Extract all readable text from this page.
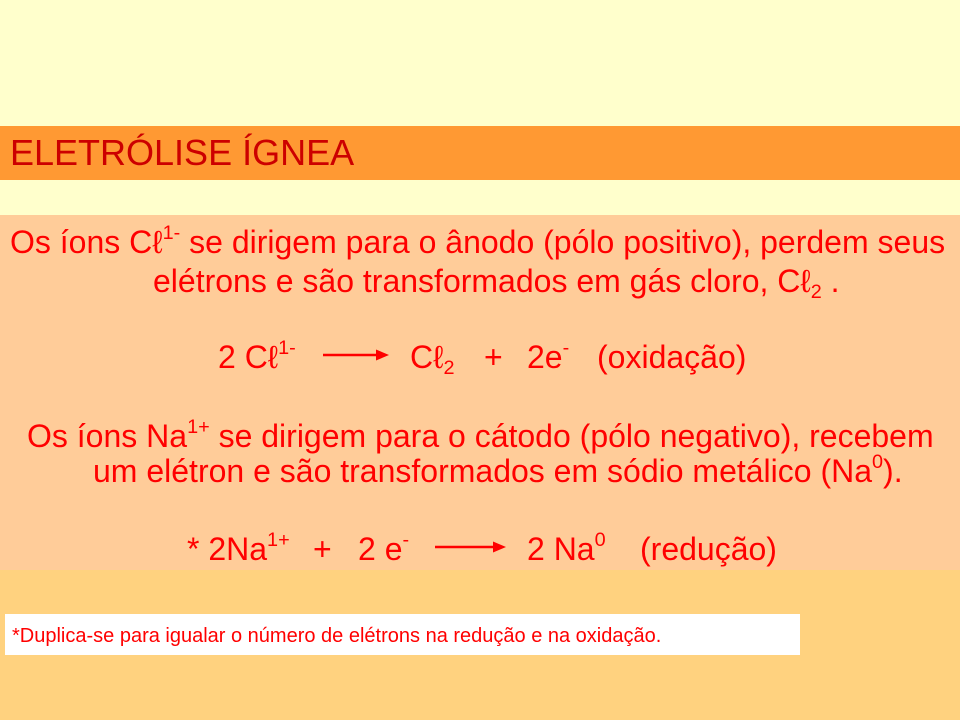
ELETRÓLISE ÍGNEA
Os íons Cℓ$^{1-}$ se dirigem para o ânodo (pólo positivo), perdem seus
elétrons e são transformados em gás cloro, Cℓ$_2$ .
2 Cℓ$^{1-}$	Cℓ$_2$ + 2e- (oxidação)
Os íons $Na^{1+}$ se dirigem para o cátodo (pólo negativo), recebem
um elétron e são transformados em sódio metálico (Na$^0$).
* $2Na^{1+} + 2$ e-	2 Na$^0$ (redução)
*Duplica-se para igualar o número de elétrons na redução e na oxidação.
